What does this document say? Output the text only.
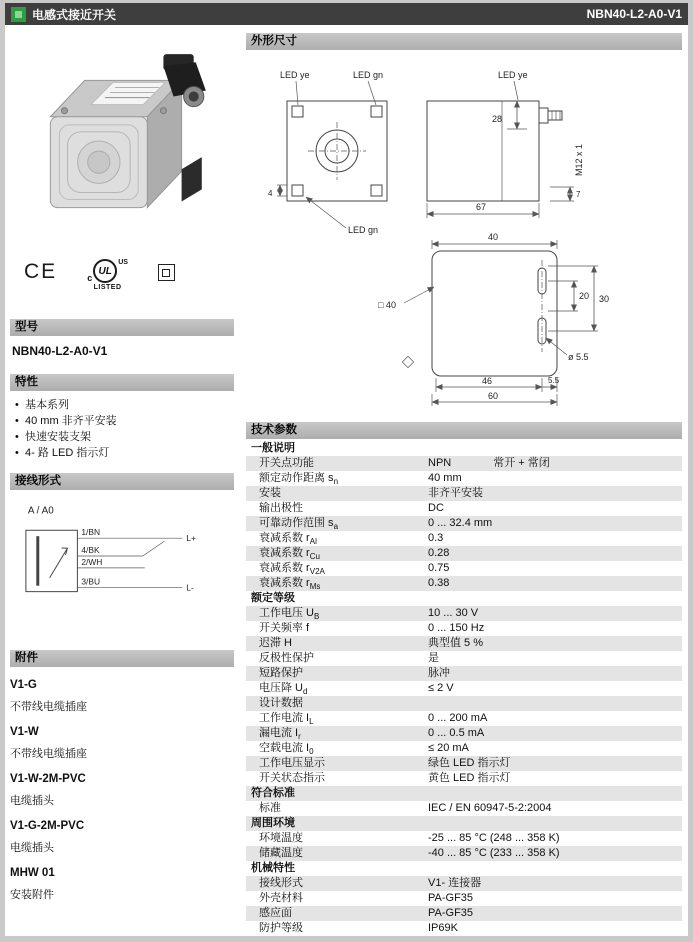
电感式接近开关	NBN40-L2-A0-V1
CE	c
UL
US
LISTED
型号
NBN40-L2-A0-V1
特性
• 基本系列
• 40 mm 非齐平安装
• 快速安装支架
• 4- 路 LED 指示灯
接线形式
A / A0
1/BN
4/BK
2/WH
3/BU
L+
L-
附件
V1-G
不带线电缆插座
V1-W
不带线电缆插座
V1-W-2M-PVC
电缆插头
V1-G-2M-PVC
电缆插头
MHW 01
安装附件
外形尺寸
LED ye	LED gn
LED gn
4
LED ye
28
67
7
M12 x 1
40
□ 40
20 30
46	5.5
60
ø 5.5
技术参数
一般说明
开关点功能	NPN	常开 + 常闭
额定动作距离 $s_n$	40 mm
安装	非齐平安装
输出极性	DC
可靠动作范围 $s_a$	0 ... 32.4 mm
衰减系数 $r_{Al}$	0.3
衰减系数 $r_{Cu}$	0.28
衰减系数 $r_{V2A}$	0.75
衰减系数 $r_{Ms}$	0.38
额定等级
工作电压 $U_B$	10 ... 30 V
开关频率 f	0 ... 150 Hz
迟滞 H	典型值 5 %
反极性保护	是
短路保护	脉冲
电压降 $U_d$	≤ 2 V
设计数据
工作电流 $I_L$	0 ... 200 mA
漏电流 $I_r$	0 ... 0.5 mA
空载电流 $I_0$	≤ 20 mA
工作电压显示	绿色 LED 指示灯
开关状态指示	黄色 LED 指示灯
符合标准
标准	IEC / EN 60947-5-2:2004
周围环境
环境温度	-25 ... 85 °C (248 ... 358 K)
储藏温度	-40 ... 85 °C (233 ... 358 K)
机械特性
接线形式	V1- 连接器
外壳材料	PA-GF35
感应面	PA-GF35
防护等级	IP69K
